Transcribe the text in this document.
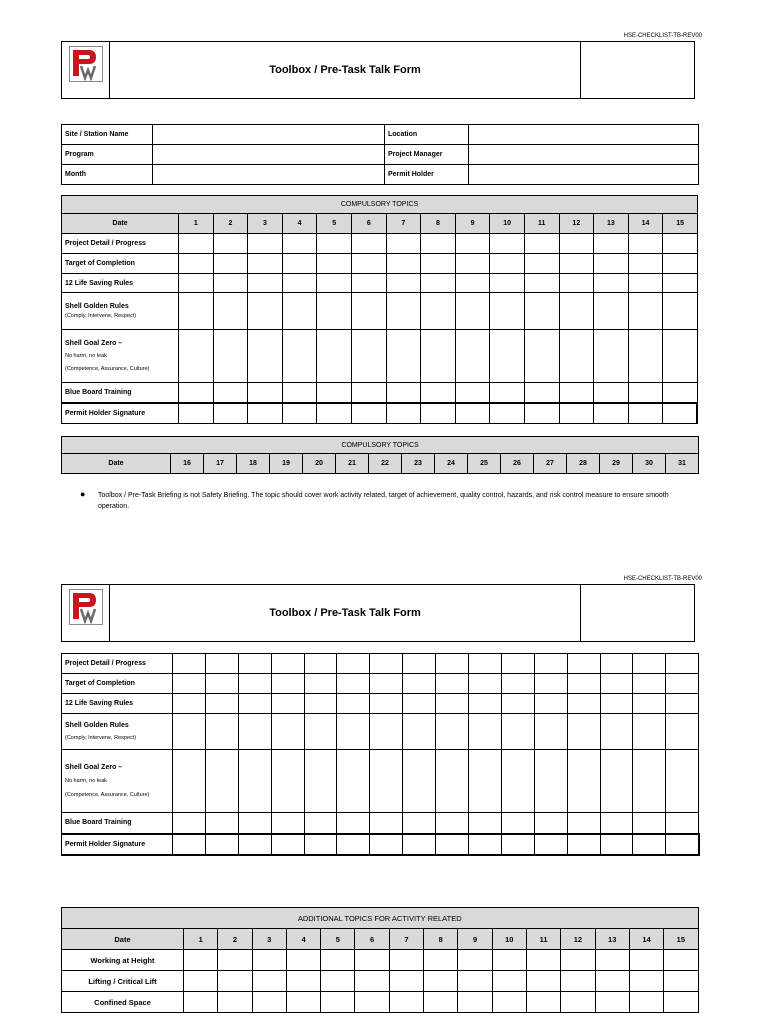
HSE-CHECKLIST-TB-REV00
Toolbox / Pre-Task Talk Form
Site / Station Name		Location	
Program		Project Manager	
Month		Permit Holder	
COMPULSORY TOPICS															
Date	1	2	3	4	5	6	7	8	9	10	11	12	13	14	15
Project Detail / Progress															
Target of Completion															
12 Life Saving Rules															
Shell Golden Rules
(Comply, Intervene, Respect)															

Shell Goal Zero –
No harm, no leak
(Competence, Assurance, Culture)															

Blue Board Training															
Permit Holder Signature															
COMPULSORY TOPICS
Date	16	17	18	19	20	21	22	23	24	25	26	27	28	29	30	31
●	Toolbox / Pre-Task Briefing is not Safety Briefing. The topic should cover work activity related, target of achievement, quality control, hazards, and risk control measure to ensure smooth operation.
HSE-CHECKLIST-TB-REV00
Toolbox / Pre-Task Talk Form
Project Detail / Progress																
Target of Completion																
12 Life Saving Rules																
Shell Golden Rules
(Comply, Intervene, Respect)																

Shell Goal Zero –
No harm, no leak
(Competence, Assurance, Culture)																

Blue Board Training																
Permit Holder Signature																
ADDITIONAL TOPICS FOR ACTIVITY RELATED															
Date	1	2	3	4	5	6	7	8	9	10	11	12	13	14	15
Working at Height															
Lifting / Critical Lift															
Confined Space															
